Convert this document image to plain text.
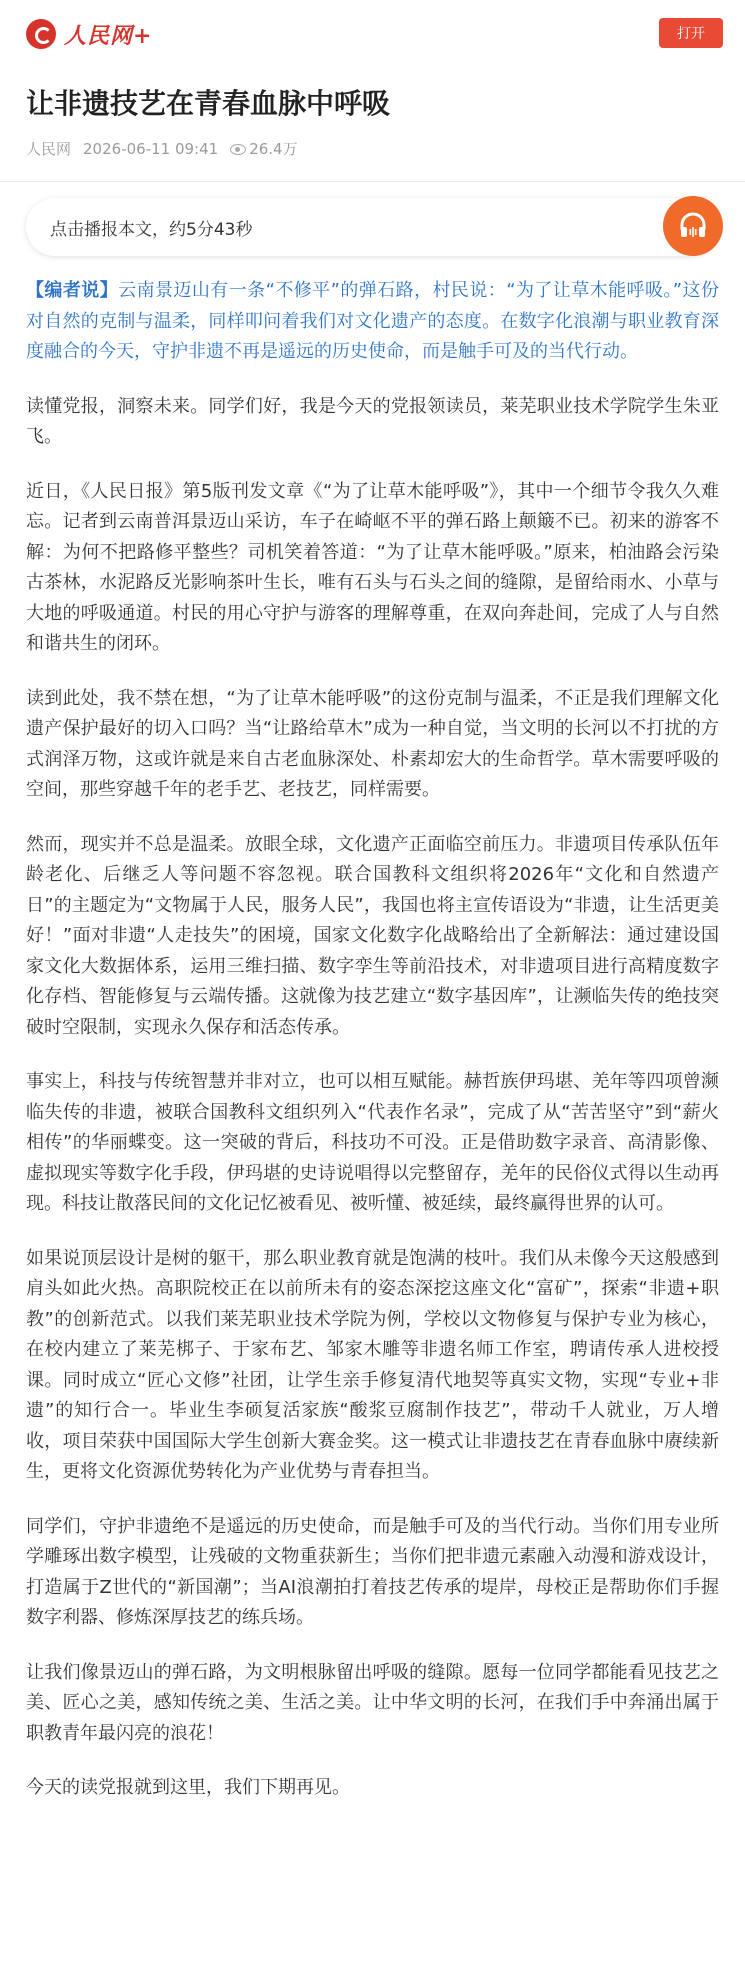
人民网+	打开
让非遗技艺在青春血脉中呼吸
人民网 2026-06-11 09:41	26.4万
点击播报本文，约5分43秒

【编者说】云南景迈山有一条“不修平”的弹石路，村民说：“为了让草木能呼吸。”这份对自然的克制与温柔，同样叩问着我们对文化遗产的态度。在数字化浪潮与职业教育深度融合的今天，守护非遗不再是遥远的历史使命，而是触手可及的当代行动。

读懂党报，洞察未来。同学们好，我是今天的党报领读员，莱芜职业技术学院学生朱亚飞。

近日，《人民日报》第5版刊发文章《“为了让草木能呼吸”》，其中一个细节令我久久难忘。记者到云南普洱景迈山采访，车子在崎岖不平的弹石路上颠簸不已。初来的游客不解：为何不把路修平整些？司机笑着答道：“为了让草木能呼吸。”原来，柏油路会污染古茶林，水泥路反光影响茶叶生长，唯有石头与石头之间的缝隙，是留给雨水、小草与大地的呼吸通道。村民的用心守护与游客的理解尊重，在双向奔赴间，完成了人与自然和谐共生的闭环。

读到此处，我不禁在想，“为了让草木能呼吸”的这份克制与温柔，不正是我们理解文化遗产保护最好的切入口吗？当“让路给草木”成为一种自觉，当文明的长河以不打扰的方式润泽万物，这或许就是来自古老血脉深处、朴素却宏大的生命哲学。草木需要呼吸的空间，那些穿越千年的老手艺、老技艺，同样需要。

然而，现实并不总是温柔。放眼全球，文化遗产正面临空前压力。非遗项目传承队伍年龄老化、后继乏人等问题不容忽视。联合国教科文组织将2026年“文化和自然遗产日”的主题定为“文物属于人民，服务人民”，我国也将主宣传语设为“非遗，让生活更美好！”面对非遗“人走技失”的困境，国家文化数字化战略给出了全新解法：通过建设国家文化大数据体系，运用三维扫描、数字孪生等前沿技术，对非遗项目进行高精度数字化存档、智能修复与云端传播。这就像为技艺建立“数字基因库”，让濒临失传的绝技突破时空限制，实现永久保存和活态传承。

事实上，科技与传统智慧并非对立，也可以相互赋能。赫哲族伊玛堪、羌年等四项曾濒临失传的非遗，被联合国教科文组织列入“代表作名录”，完成了从“苦苦坚守”到“薪火相传”的华丽蝶变。这一突破的背后，科技功不可没。正是借助数字录音、高清影像、虚拟现实等数字化手段，伊玛堪的史诗说唱得以完整留存，羌年的民俗仪式得以生动再现。科技让散落民间的文化记忆被看见、被听懂、被延续，最终赢得世界的认可。

如果说顶层设计是树的躯干，那么职业教育就是饱满的枝叶。我们从未像今天这般感到肩头如此火热。高职院校正在以前所未有的姿态深挖这座文化“富矿”，探索“非遗+职教”的创新范式。以我们莱芜职业技术学院为例，学校以文物修复与保护专业为核心，在校内建立了莱芜梆子、于家布艺、邹家木雕等非遗名师工作室，聘请传承人进校授课。同时成立“匠心文修”社团，让学生亲手修复清代地契等真实文物，实现“专业+非遗”的知行合一。毕业生李硕复活家族“酸浆豆腐制作技艺”，带动千人就业，万人增收，项目荣获中国国际大学生创新大赛金奖。这一模式让非遗技艺在青春血脉中赓续新生，更将文化资源优势转化为产业优势与青春担当。

同学们，守护非遗绝不是遥远的历史使命，而是触手可及的当代行动。当你们用专业所学雕琢出数字模型，让残破的文物重获新生；当你们把非遗元素融入动漫和游戏设计，打造属于Z世代的“新国潮”；当AI浪潮拍打着技艺传承的堤岸，母校正是帮助你们手握数字利器、修炼深厚技艺的练兵场。

让我们像景迈山的弹石路，为文明根脉留出呼吸的缝隙。愿每一位同学都能看见技艺之美、匠心之美，感知传统之美、生活之美。让中华文明的长河，在我们手中奔涌出属于职教青年最闪亮的浪花！

今天的读党报就到这里，我们下期再见。
